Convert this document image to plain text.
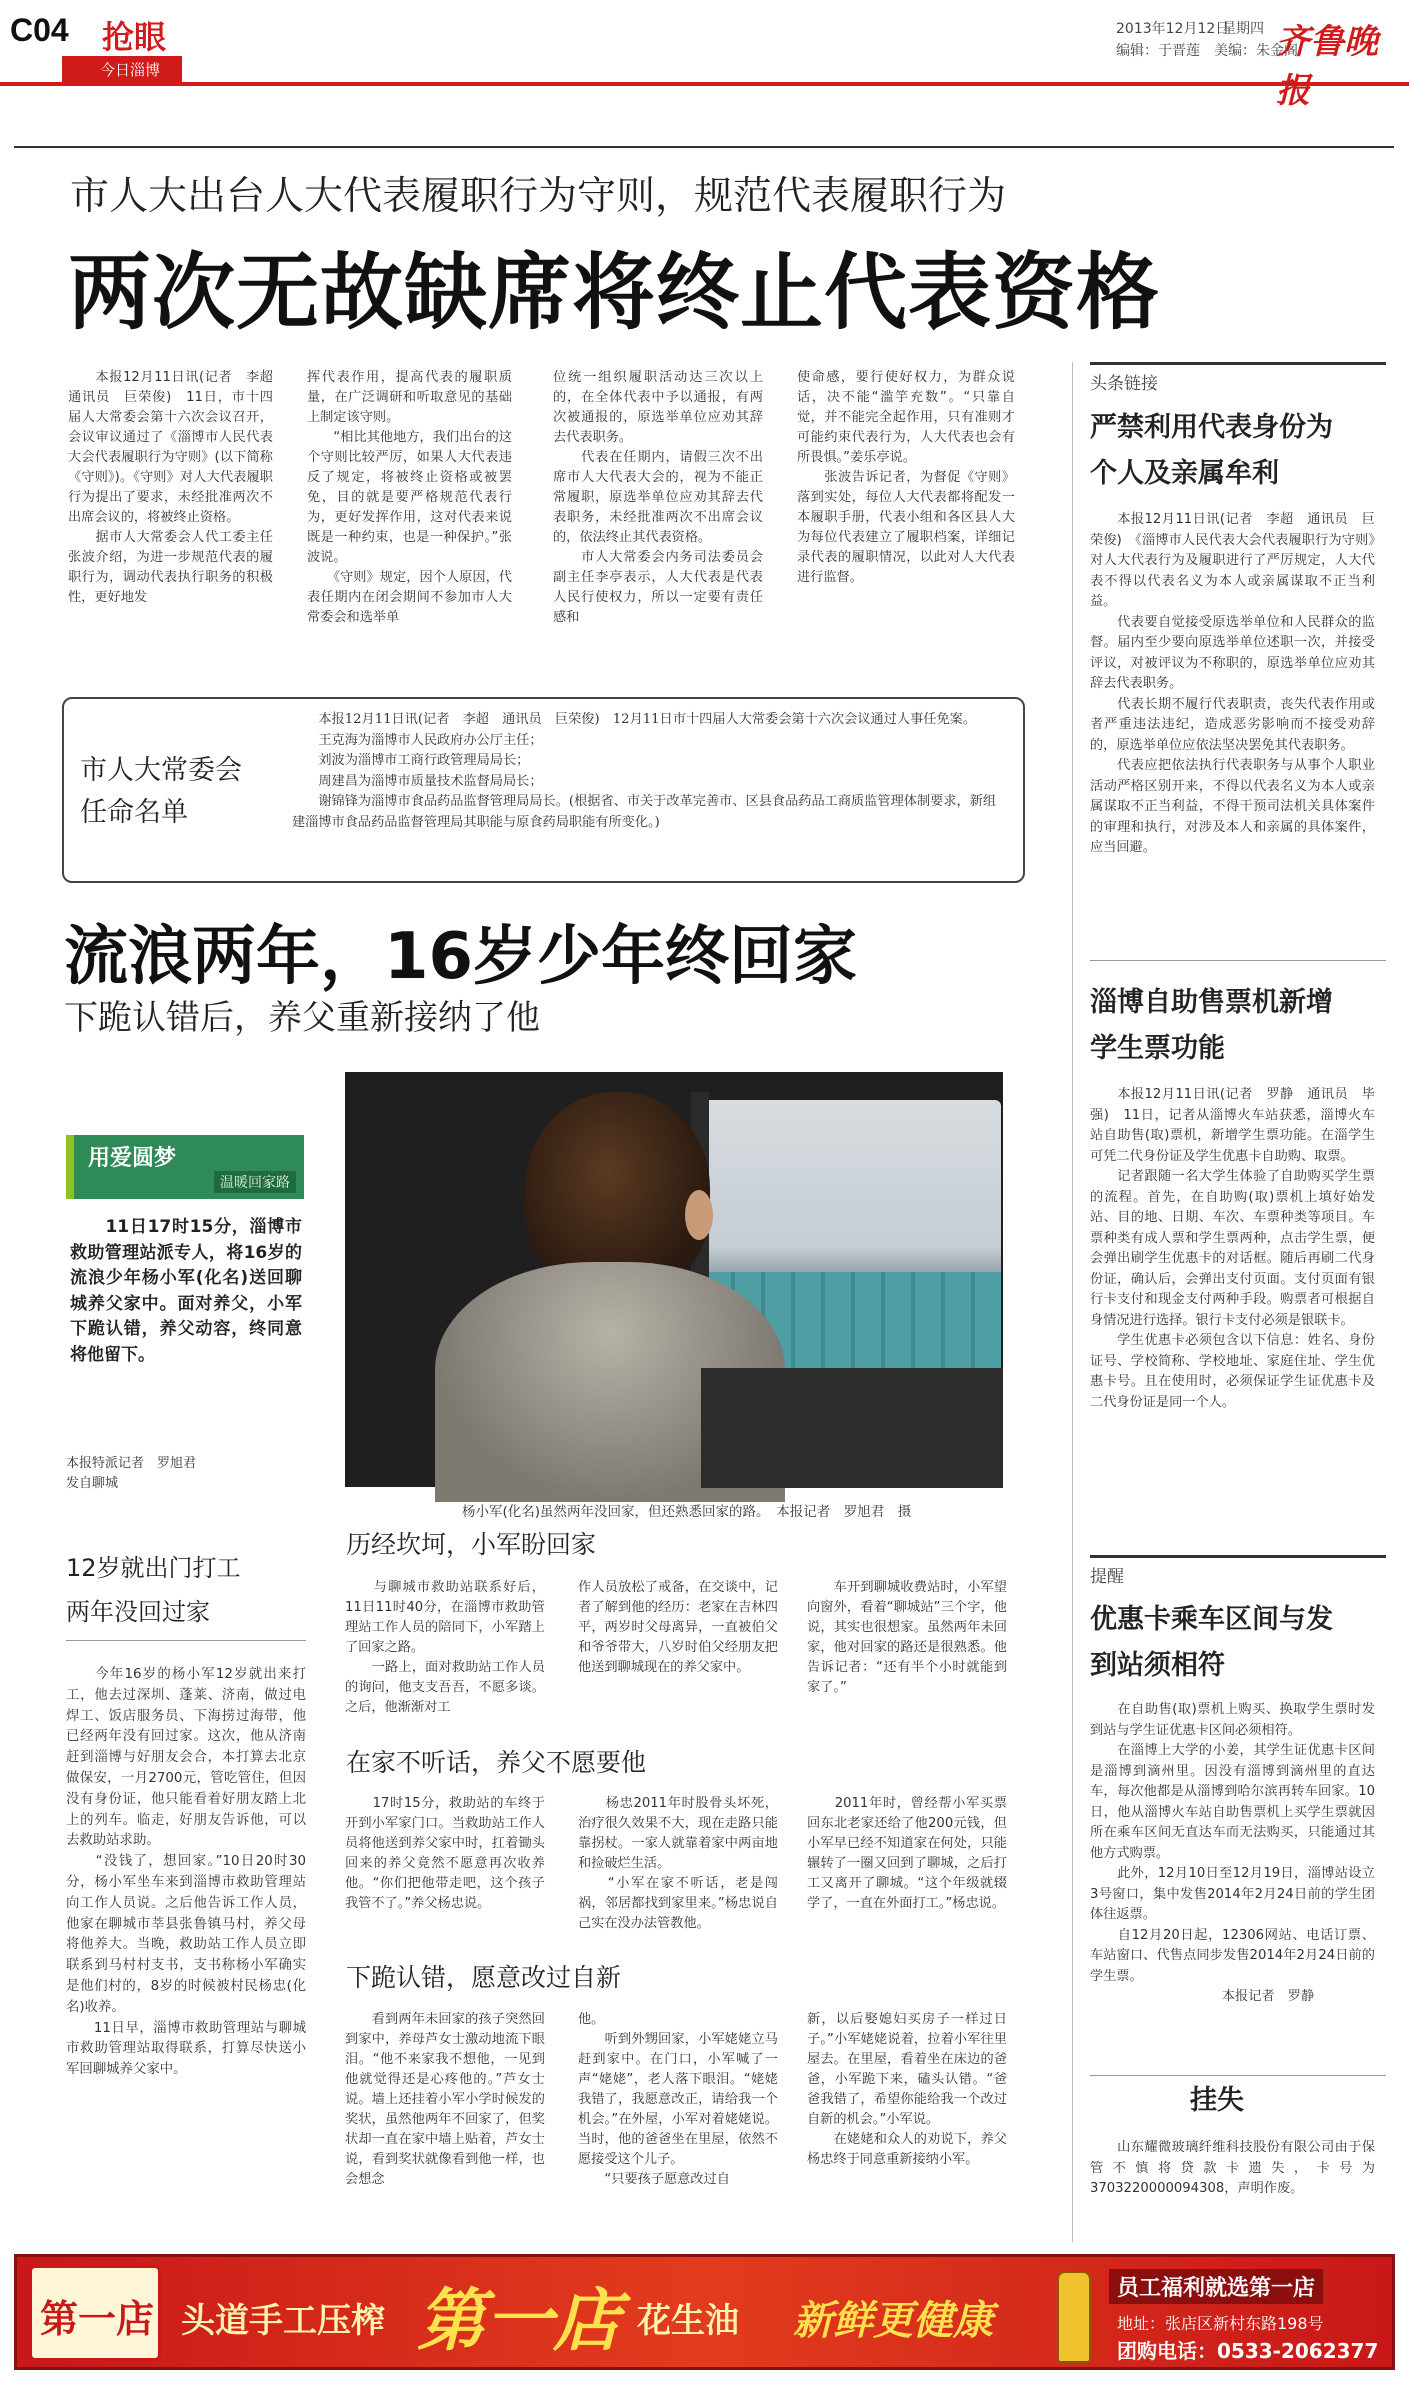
C04 抢眼
今日淄博
2013年12月12日
星期四
编辑：于晋莲　美编：朱金阁
齐鲁晚报
市人大出台人大代表履职行为守则，规范代表履职行为
两次无故缺席将终止代表资格
　　本报12月11日讯(记者　李超　通讯员　巨荣俊)　11日，市十四届人大常委会第十六次会议召开，会议审议通过了《淄博市人民代表大会代表履职行为守则》(以下简称《守则》)。《守则》对人大代表履职行为提出了要求，未经批准两次不出席会议的，将被终止资格。
　　据市人大常委会人代工委主任张波介绍，为进一步规范代表的履职行为，调动代表执行职务的积极性，更好地发
挥代表作用，提高代表的履职质量，在广泛调研和听取意见的基础上制定该守则。
　　“相比其他地方，我们出台的这个守则比较严厉，如果人大代表违反了规定，将被终止资格或被罢免，目的就是要严格规范代表行为，更好发挥作用，这对代表来说既是一种约束，也是一种保护。”张波说。
　　《守则》规定，因个人原因，代表任期内在闭会期间不参加市人大常委会和选举单
位统一组织履职活动达三次以上的，在全体代表中予以通报，有两次被通报的，原选举单位应劝其辞去代表职务。
　　代表在任期内，请假三次不出席市人大代表大会的，视为不能正常履职，原选举单位应劝其辞去代表职务，未经批准两次不出席会议的，依法终止其代表资格。
　　市人大常委会内务司法委员会副主任李亭表示，人大代表是代表人民行使权力，所以一定要有责任感和
使命感，要行使好权力，为群众说话，决不能“滥竽充数”。“只靠自觉，并不能完全起作用，只有准则才可能约束代表行为，人大代表也会有所畏惧。”姜乐亭说。
　　张波告诉记者，为督促《守则》落到实处，每位人大代表都将配发一本履职手册，代表小组和各区县人大为每位代表建立了履职档案，详细记录代表的履职情况，以此对人大代表进行监督。
市人大常委会
任命名单
　　本报12月11日讯(记者　李超　通讯员　巨荣俊)　12月11日市十四届人大常委会第十六次会议通过人事任免案。
　　王克海为淄博市人民政府办公厅主任；
　　刘波为淄博市工商行政管理局局长；
　　周建昌为淄博市质量技术监督局局长；
　　谢锦锋为淄博市食品药品监督管理局局长。(根据省、市关于改革完善市、区县食品药品工商质监管理体制要求，新组建淄博市食品药品监督管理局其职能与原食药局职能有所变化。)
流浪两年，16岁少年终回家
下跪认错后，养父重新接纳了他
用爱圆梦
温暖回家路
　　11日17时15分，淄博市救助管理站派专人，将16岁的流浪少年杨小军(化名)送回聊城养父家中。面对养父，小军下跪认错，养父动容，终同意将他留下。
本报特派记者　罗旭君
发自聊城
杨小军(化名)虽然两年没回家，但还熟悉回家的路。　本报记者　罗旭君　摄
12岁就出门打工
两年没回过家
　　今年16岁的杨小军12岁就出来打工，他去过深圳、蓬莱、济南，做过电焊工、饭店服务员、下海捞过海带，他已经两年没有回过家。这次，他从济南赶到淄博与好朋友会合，本打算去北京做保安，一月2700元，管吃管住，但因没有身份证，他只能看着好朋友踏上北上的列车。临走，好朋友告诉他，可以去救助站求助。
　　“没钱了，想回家。”10日20时30分，杨小军坐车来到淄博市救助管理站向工作人员说。之后他告诉工作人员，他家在聊城市莘县张鲁镇马村，养父母将他养大。当晚，救助站工作人员立即联系到马村村支书，支书称杨小军确实是他们村的，8岁的时候被村民杨忠(化名)收养。
　　11日早，淄博市救助管理站与聊城市救助管理站取得联系，打算尽快送小军回聊城养父家中。
历经坎坷，小军盼回家
　　与聊城市救助站联系好后，11日11时40分，在淄博市救助管理站工作人员的陪同下，小军踏上了回家之路。
　　一路上，面对救助站工作人员的询问，他支支吾吾，不愿多谈。之后，他渐渐对工
作人员放松了戒备，在交谈中，记者了解到他的经历：老家在吉林四平，两岁时父母离异，一直被伯父和爷爷带大，八岁时伯父经朋友把他送到聊城现在的养父家中。
　　车开到聊城收费站时，小军望向窗外，看着“聊城站”三个字，他说，其实也很想家。虽然两年未回家，他对回家的路还是很熟悉。他告诉记者：“还有半个小时就能到家了。”
在家不听话，养父不愿要他
　　17时15分，救助站的车终于开到小军家门口。当救助站工作人员将他送到养父家中时，扛着锄头回来的养父竟然不愿意再次收养他。“你们把他带走吧，这个孩子我管不了。”养父杨忠说。
　　杨忠2011年时股骨头坏死，治疗很久效果不大，现在走路只能靠拐杖。一家人就靠着家中两亩地和捡破烂生活。
　　“小军在家不听话，老是闯祸，邻居都找到家里来。”杨忠说自己实在没办法管教他。
　　2011年时，曾经帮小军买票回东北老家还给了他200元钱，但小军早已经不知道家在何处，只能辗转了一圈又回到了聊城，之后打工又离开了聊城。“这个年级就辍学了，一直在外面打工。”杨忠说。
下跪认错，愿意改过自新
　　看到两年未回家的孩子突然回到家中，养母芦女士激动地流下眼泪。“他不来家我不想他，一见到他就觉得还是心疼他的。”芦女士说。墙上还挂着小军小学时候发的奖状，虽然他两年不回家了，但奖状却一直在家中墙上贴着，芦女士说，看到奖状就像看到他一样，也会想念
他。
　　听到外甥回家，小军姥姥立马赶到家中。在门口，小军喊了一声“姥姥”，老人落下眼泪。“姥姥我错了，我愿意改正，请给我一个机会。”在外屋，小军对着姥姥说。当时，他的爸爸坐在里屋，依然不愿接受这个儿子。
　　“只要孩子愿意改过自
新，以后娶媳妇买房子一样过日子。”小军姥姥说着，拉着小军往里屋去。在里屋，看着坐在床边的爸爸，小军跪下来，磕头认错。“爸爸我错了，希望你能给我一个改过自新的机会。”小军说。
　　在姥姥和众人的劝说下，养父杨忠终于同意重新接纳小军。
头条链接
严禁利用代表身份为个人及亲属牟利
　　本报12月11日讯(记者　李超　通讯员　巨荣俊)　《淄博市人民代表大会代表履职行为守则》对人大代表行为及履职进行了严厉规定，人大代表不得以代表名义为本人或亲属谋取不正当利益。
　　代表要自觉接受原选举单位和人民群众的监督。届内至少要向原选举单位述职一次，并接受评议，对被评议为不称职的，原选举单位应劝其辞去代表职务。
　　代表长期不履行代表职责，丧失代表作用或者严重违法违纪，造成恶劣影响而不接受劝辞的，原选举单位应依法坚决罢免其代表职务。
　　代表应把依法执行代表职务与从事个人职业活动严格区别开来，不得以代表名义为本人或亲属谋取不正当利益，不得干预司法机关具体案件的审理和执行，对涉及本人和亲属的具体案件，应当回避。
淄博自助售票机新增学生票功能
　　本报12月11日讯(记者　罗静　通讯员　毕强)　11日，记者从淄博火车站获悉，淄博火车站自助售(取)票机，新增学生票功能。在淄学生可凭二代身份证及学生优惠卡自助购、取票。
　　记者跟随一名大学生体验了自助购买学生票的流程。首先，在自助购(取)票机上填好始发站、目的地、日期、车次、车票种类等项目。车票种类有成人票和学生票两种，点击学生票，便会弹出刷学生优惠卡的对话框。随后再刷二代身份证，确认后，会弹出支付页面。支付页面有银行卡支付和现金支付两种手段。购票者可根据自身情况进行选择。银行卡支付必须是银联卡。
　　学生优惠卡必须包含以下信息：姓名、身份证号、学校简称、学校地址、家庭住址、学生优惠卡号。且在使用时，必须保证学生证优惠卡及二代身份证是同一个人。
提醒
优惠卡乘车区间与发到站须相符
　　在自助售(取)票机上购买、换取学生票时发到站与学生证优惠卡区间必须相符。
　　在淄博上大学的小姜，其学生证优惠卡区间是淄博到滴州里。因没有淄博到滴州里的直达车，每次他都是从淄博到哈尔滨再转车回家。10日，他从淄博火车站自助售票机上买学生票就因所在乘车区间无直达车而无法购买，只能通过其他方式购票。
　　此外，12月10日至12月19日，淄博站设立3号窗口，集中发售2014年2月24日前的学生团体往返票。
　　自12月20日起，12306网站、电话订票、车站窗口、代售点同步发售2014年2月24日前的学生票。
　　　　　　　　　　本报记者　罗静
挂失
　　山东耀微玻璃纤维科技股份有限公司由于保管不慎将贷款卡遗失，卡号为3703220000094308，声明作废。
第一店 头道手工压榨 第一店 花生油 新鲜更健康
员工福利就选第一店
地址：张店区新村东路198号
团购电话：0533-2062377
